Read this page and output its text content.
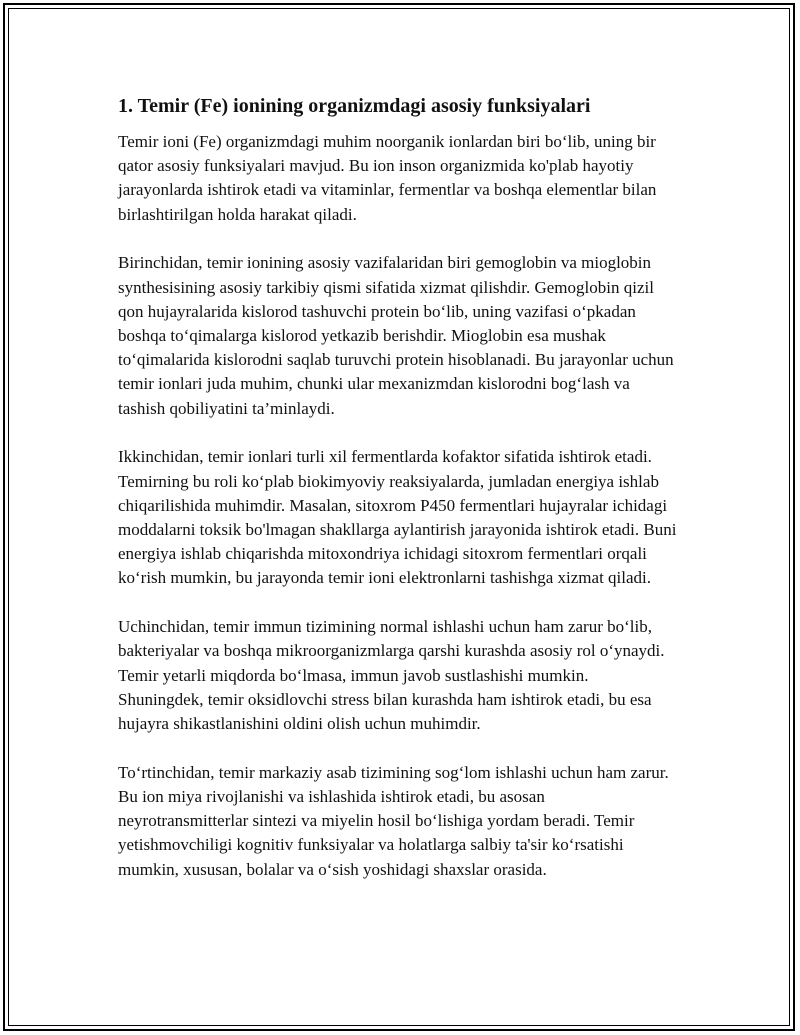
1. Temir (Fe) ionining organizmdagi asosiy funksiyalari

Temir ioni (Fe) organizmdagi muhim noorganik ionlardan biri bo‘lib, uning bir qator asosiy funksiyalari mavjud. Bu ion inson organizmida ko'plab hayotiy jarayonlarda ishtirok etadi va vitaminlar, fermentlar va boshqa elementlar bilan birlashtirilgan holda harakat qiladi.

Birinchidan, temir ionining asosiy vazifalaridan biri gemoglobin va mioglobin synthesisining asosiy tarkibiy qismi sifatida xizmat qilishdir. Gemoglobin qizil qon hujayralarida kislorod tashuvchi protein bo‘lib, uning vazifasi o‘pkadan boshqa to‘qimalarga kislorod yetkazib berishdir. Mioglobin esa mushak to‘qimalarida kislorodni saqlab turuvchi protein hisoblanadi. Bu jarayonlar uchun temir ionlari juda muhim, chunki ular mexanizmdan kislorodni bog‘lash va tashish qobiliyatini ta’minlaydi.

Ikkinchidan, temir ionlari turli xil fermentlarda kofaktor sifatida ishtirok etadi. Temirning bu roli ko‘plab biokimyoviy reaksiyalarda, jumladan energiya ishlab chiqarilishida muhimdir. Masalan, sitoxrom P450 fermentlari hujayralar ichidagi moddalarni toksik bo'lmagan shakllarga aylantirish jarayonida ishtirok etadi. Buni energiya ishlab chiqarishda mitoxondriya ichidagi sitoxrom fermentlari orqali ko‘rish mumkin, bu jarayonda temir ioni elektronlarni tashishga xizmat qiladi.

Uchinchidan, temir immun tizimining normal ishlashi uchun ham zarur bo‘lib, bakteriyalar va boshqa mikroorganizmlarga qarshi kurashda asosiy rol o‘ynaydi. Temir yetarli miqdorda bo‘lmasa, immun javob sustlashishi mumkin. Shuningdek, temir oksidlovchi stress bilan kurashda ham ishtirok etadi, bu esa hujayra shikastlanishini oldini olish uchun muhimdir.

To‘rtinchidan, temir markaziy asab tizimining sog‘lom ishlashi uchun ham zarur. Bu ion miya rivojlanishi va ishlashida ishtirok etadi, bu asosan neyrotransmitterlar sintezi va miyelin hosil bo‘lishiga yordam beradi. Temir yetishmovchiligi kognitiv funksiyalar va holatlarga salbiy ta'sir ko‘rsatishi mumkin, xususan, bolalar va o‘sish yoshidagi shaxslar orasida.
